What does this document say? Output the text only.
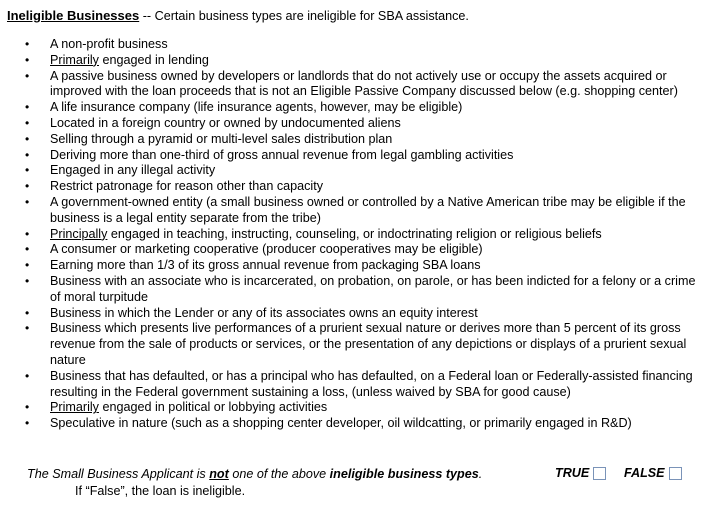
Ineligible Businesses -- Certain business types are ineligible for SBA assistance.
• A non-profit business
• Primarily engaged in lending
• A passive business owned by developers or landlords that do not actively use or occupy the assets acquired or improved with the loan proceeds that is not an Eligible Passive Company discussed below (e.g. shopping center)
• A life insurance company (life insurance agents, however, may be eligible)
• Located in a foreign country or owned by undocumented aliens
• Selling through a pyramid or multi-level sales distribution plan
• Deriving more than one-third of gross annual revenue from legal gambling activities
• Engaged in any illegal activity
• Restrict patronage for reason other than capacity
• A government-owned entity (a small business owned or controlled by a Native American tribe may be eligible if the business is a legal entity separate from the tribe)
• Principally engaged in teaching, instructing, counseling, or indoctrinating religion or religious beliefs
• A consumer or marketing cooperative (producer cooperatives may be eligible)
• Earning more than 1/3 of its gross annual revenue from packaging SBA loans
• Business with an associate who is incarcerated, on probation, on parole, or has been indicted for a felony or a crime of moral turpitude
• Business in which the Lender or any of its associates owns an equity interest
• Business which presents live performances of a prurient sexual nature or derives more than 5 percent of its gross revenue from the sale of products or services, or the presentation of any depictions or displays of a prurient sexual nature
• Business that has defaulted, or has a principal who has defaulted, on a Federal loan or Federally-assisted financing resulting in the Federal government sustaining a loss, (unless waived by SBA for good cause)
• Primarily engaged in political or lobbying activities
• Speculative in nature (such as a shopping center developer, oil wildcatting, or primarily engaged in R&D)
The Small Business Applicant is not one of the above ineligible business types.	TRUE	FALSE
If “False”, the loan is ineligible.
